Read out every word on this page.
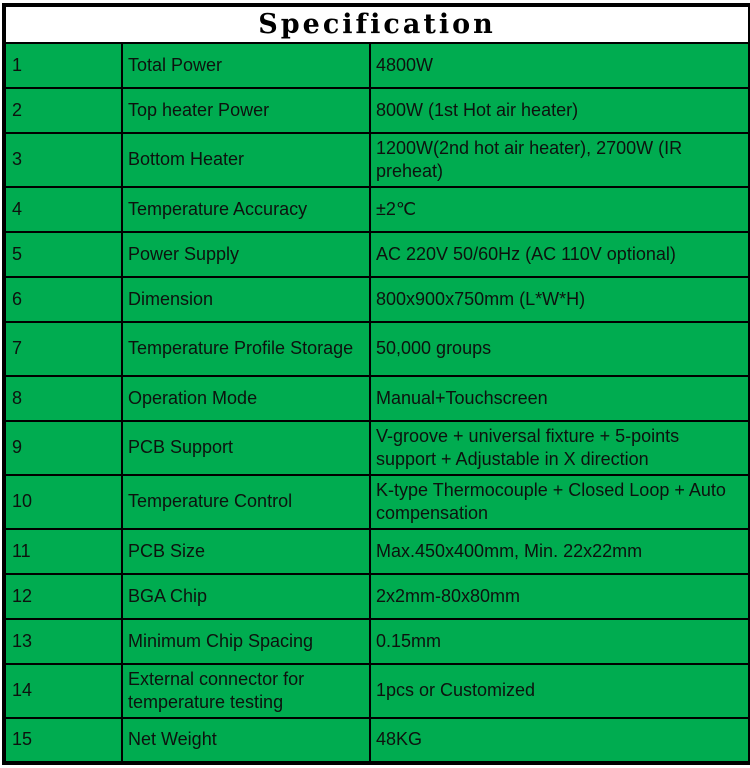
Specification		
1	Total Power	4800W
2	Top heater Power	800W (1st Hot air heater)
3	Bottom Heater	1200W(2nd hot air heater), 2700W (IR preheat)
4	Temperature Accuracy	±2℃
5	Power Supply	AC 220V 50/60Hz (AC 110V optional)
6	Dimension	800x900x750mm (L*W*H)
7	Temperature Profile Storage	50,000 groups
8	Operation Mode	Manual+Touchscreen
9	PCB Support	V-groove + universal fixture + 5-points support + Adjustable in X direction
10	Temperature Control	K-type Thermocouple + Closed Loop + Auto compensation
11	PCB Size	Max.450x400mm, Min. 22x22mm
12	BGA Chip	2x2mm-80x80mm
13	Minimum Chip Spacing	0.15mm
14	External connector for temperature testing	1pcs or Customized
15	Net Weight	48KG
